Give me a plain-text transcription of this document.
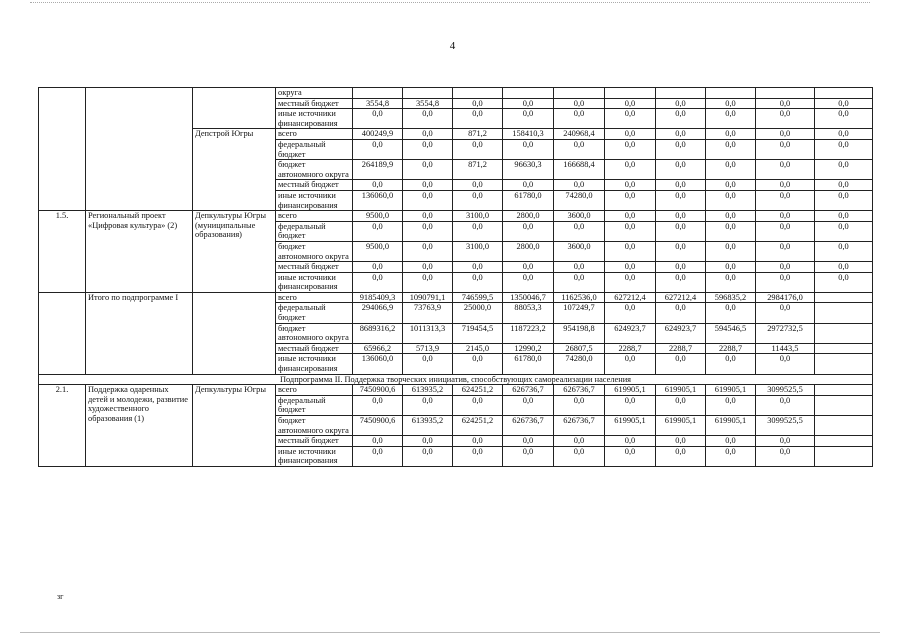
4
			округа										
			местный бюджет	3554,8	3554,8	0,0	0,0	0,0	0,0	0,0	0,0	0,0	0,0
			иные источники финансирования	0,0	0,0	0,0	0,0	0,0	0,0	0,0	0,0	0,0	0,0
		Депстрой Югры	всего	400249,9	0,0	871,2	158410,3	240968,4	0,0	0,0	0,0	0,0	0,0
			федеральный бюджет	0,0	0,0	0,0	0,0	0,0	0,0	0,0	0,0	0,0	0,0
			бюджет автономного округа	264189,9	0,0	871,2	96630,3	166688,4	0,0	0,0	0,0	0,0	0,0
			местный бюджет	0,0	0,0	0,0	0,0	0,0	0,0	0,0	0,0	0,0	0,0
			иные источники финансирования	136060,0	0,0	0,0	61780,0	74280,0	0,0	0,0	0,0	0,0	0,0
1.5.	Региональный проект «Цифровая культура» (2)	Депкультуры Югры (муниципальные образования)	всего	9500,0	0,0	3100,0	2800,0	3600,0	0,0	0,0	0,0	0,0	0,0
			федеральный бюджет	0,0	0,0	0,0	0,0	0,0	0,0	0,0	0,0	0,0	0,0
			бюджет автономного округа	9500,0	0,0	3100,0	2800,0	3600,0	0,0	0,0	0,0	0,0	0,0
			местный бюджет	0,0	0,0	0,0	0,0	0,0	0,0	0,0	0,0	0,0	0,0
			иные источники финансирования	0,0	0,0	0,0	0,0	0,0	0,0	0,0	0,0	0,0	0,0
	Итого по подпрограмме I		всего	9185409,3	1090791,1	746599,5	1350046,7	1162536,0	627212,4	627212,4	596835,2	2984176,0	
			федеральный бюджет	294066,9	73763,9	25000,0	88053,3	107249,7	0,0	0,0	0,0	0,0	
			бюджет автономного округа	8689316,2	1011313,3	719454,5	1187223,2	954198,8	624923,7	624923,7	594546,5	2972732,5	
			местный бюджет	65966,2	5713,9	2145,0	12990,2	26807,5	2288,7	2288,7	2288,7	11443,5	
			иные источники финансирования	136060,0	0,0	0,0	61780,0	74280,0	0,0	0,0	0,0	0,0	
Подпрограмма II. Поддержка творческих инициатив, способствующих самореализации населения													
2.1.	Поддержка одаренных детей и молодежи, развитие художественного образования (1)	Депкультуры Югры	всего	7450900,6	613935,2	624251,2	626736,7	626736,7	619905,1	619905,1	619905,1	3099525,5	
			федеральный бюджет	0,0	0,0	0,0	0,0	0,0	0,0	0,0	0,0	0,0	
			бюджет автономного округа	7450900,6	613935,2	624251,2	626736,7	626736,7	619905,1	619905,1	619905,1	3099525,5	
			местный бюджет	0,0	0,0	0,0	0,0	0,0	0,0	0,0	0,0	0,0	
			иные источники финансирования	0,0	0,0	0,0	0,0	0,0	0,0	0,0	0,0	0,0	
зг
